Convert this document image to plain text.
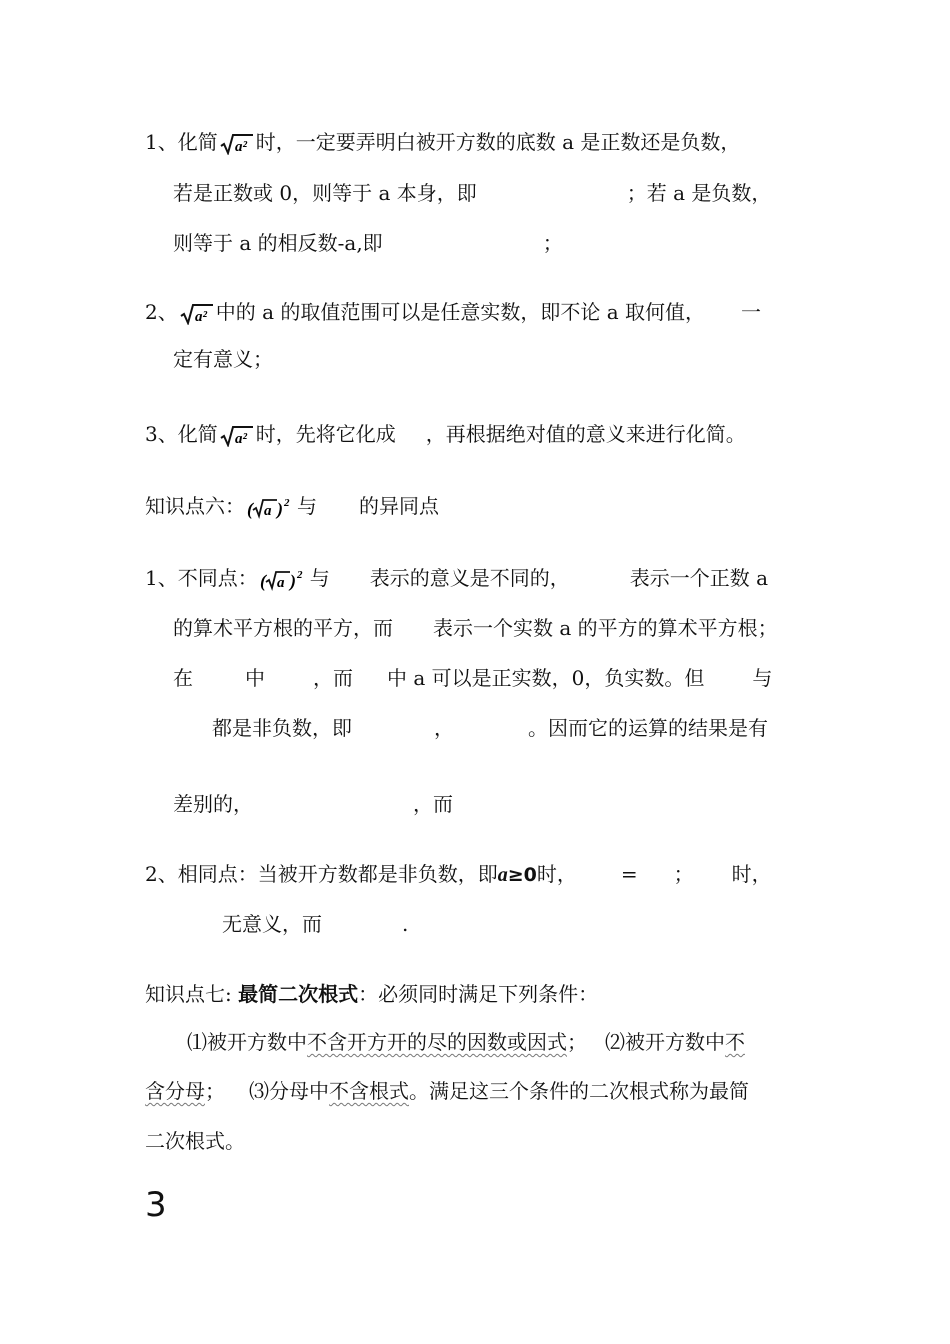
1、化简 a² 时，一定要弄明白被开方数的底数 a 是正数还是负数，
若是正数或 0，则等于 a 本身，即	；若 a 是负数，
则等于 a 的相反数-a,即	；
2、 a² 中的 a 的取值范围可以是任意实数，即不论 a 取何值， 一
定有意义；
3、化简 a² 时，先将它化成 ，再根据绝对值的意义来进行化简。
知识点六： ( a ) 2 与 的异同点
1、不同点： ( a ) 2 与 表示的意义是不同的，	表示一个正数 a
的算术平方根的平方，而 表示一个实数 a 的平方的算术平方根；
在	中 ，而 中 a 可以是正实数，0，负实数。但 与
都是非负数，即	，	。因而它的运算的结果是有
差别的，	，而
2、相同点：当被开方数都是非负数，即a≥0时， = ； 时，
无意义，而	.
知识点七: 最简二次根式：必须同时满足下列条件：
⑴被开方数中不含开方开的尽的因数或因式； ⑵被开方数中不
含分母； ⑶分母中不含根式。满足这三个条件的二次根式称为最简
二次根式。
3
